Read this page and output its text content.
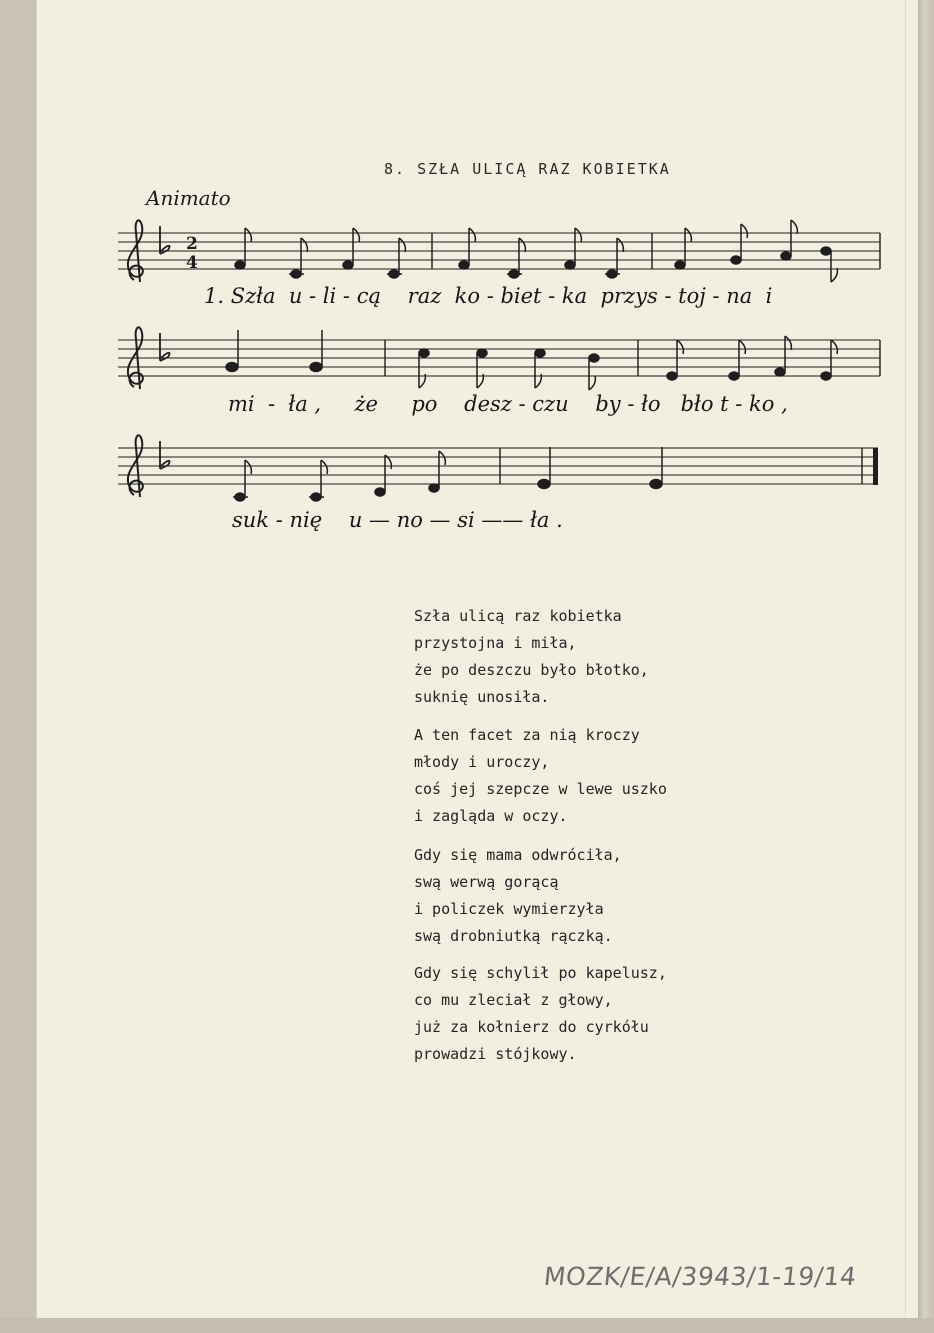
8. SZŁA ULICĄ RAZ KOBIETKA
Animato
2
4
1. Szła  u - li - cą    raz  ko - biet - ka  przys - toj - na  i
mi  -  ła ,     że     po    desz - czu    by - ło   bło t - ko ,
suk - nię    u — no — si —— ła .
Szła ulicą raz kobietka
przystojna i miła,
że po deszczu było błotko,
suknię unosiła.
A ten facet za nią kroczy
młody i uroczy,
coś jej szepcze w lewe uszko
i zagląda w oczy.
Gdy się mama odwróciła,
swą werwą gorącą
i policzek wymierzyła
swą drobniutką rączką.
Gdy się schylił po kapelusz,
co mu zleciał z głowy,
już za kołnierz do cyrkółu
prowadzi stójkowy.
MOZK/E/A/3943/1-19/14
